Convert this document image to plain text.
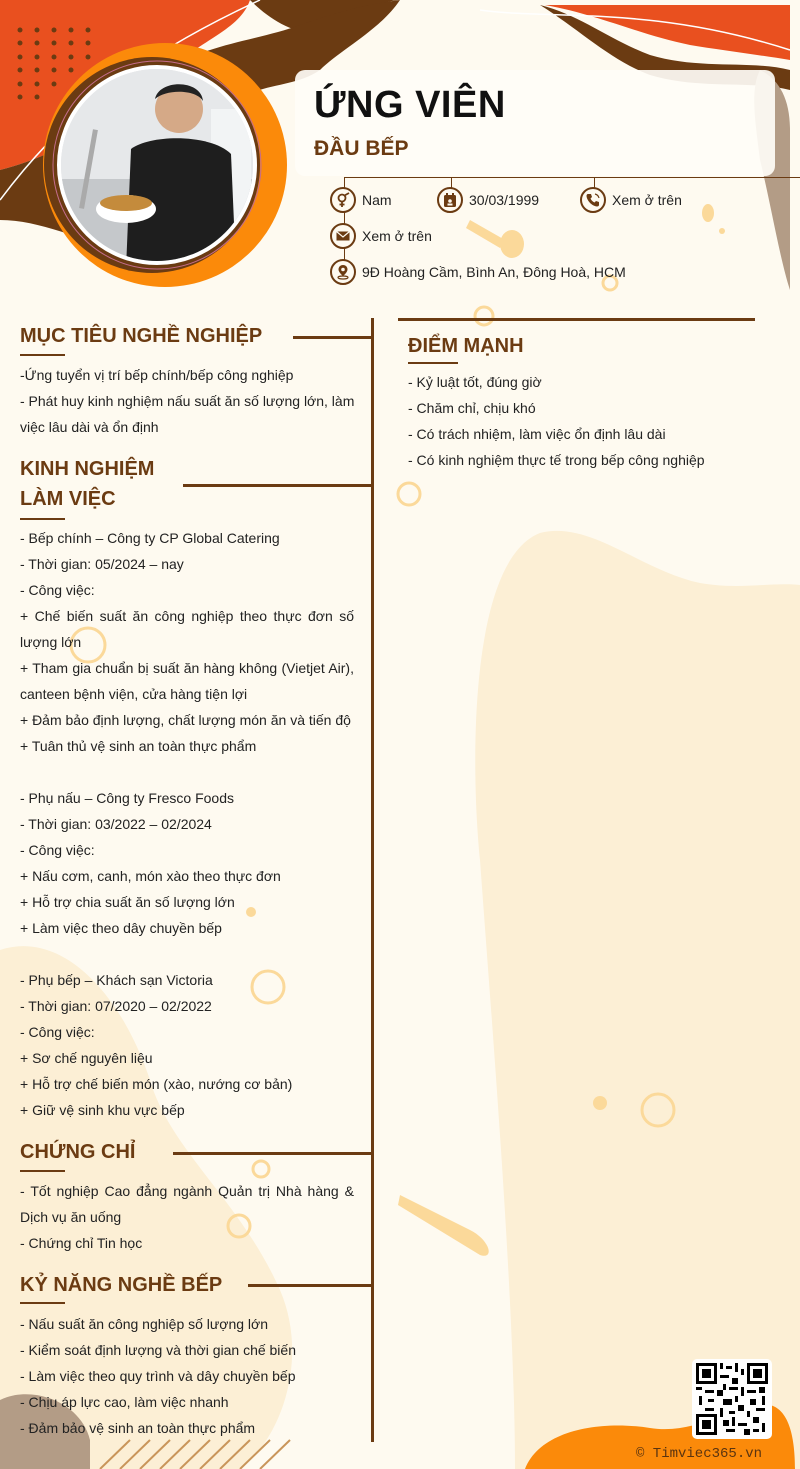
ỨNG VIÊN
ĐẦU BẾP
Nam	30/03/1999	Xem ở trên
Xem ở trên
9Đ Hoàng Cầm, Bình An, Đông Hoà, HCM
MỤC TIÊU NGHỀ NGHIỆP
-Ứng tuyển vị trí bếp chính/bếp công nghiệp
- Phát huy kinh nghiệm nấu suất ăn số lượng lớn, làm
việc lâu dài và ổn định
KINH NGHIỆM
LÀM VIỆC
- Bếp chính – Công ty CP Global Catering
- Thời gian: 05/2024 – nay
- Công việc:
+ Chế biến suất ăn công nghiệp theo thực đơn số lượng lớn
+ Tham gia chuẩn bị suất ăn hàng không (Vietjet Air), canteen bệnh viện, cửa hàng tiện lợi
+ Đảm bảo định lượng, chất lượng món ăn và tiến độ
+ Tuân thủ vệ sinh an toàn thực phẩm
- Phụ nấu – Công ty Fresco Foods
- Thời gian: 03/2022 – 02/2024
- Công việc:
+ Nấu cơm, canh, món xào theo thực đơn
+ Hỗ trợ chia suất ăn số lượng lớn
+ Làm việc theo dây chuyền bếp
- Phụ bếp – Khách sạn Victoria
- Thời gian: 07/2020 – 02/2022
- Công việc:
+ Sơ chế nguyên liệu
+ Hỗ trợ chế biến món (xào, nướng cơ bản)
+ Giữ vệ sinh khu vực bếp
CHỨNG CHỈ
- Tốt nghiệp Cao đẳng ngành Quản trị Nhà hàng & Dịch vụ ăn uống
- Chứng chỉ Tin học
KỶ NĂNG NGHỀ BẾP
- Nấu suất ăn công nghiệp số lượng lớn
- Kiểm soát định lượng và thời gian chế biến
- Làm việc theo quy trình và dây chuyền bếp
- Chịu áp lực cao, làm việc nhanh
- Đảm bảo vệ sinh an toàn thực phẩm
ĐIỂM MẠNH
- Kỷ luật tốt, đúng giờ
- Chăm chỉ, chịu khó
- Có trách nhiệm, làm việc ổn định lâu dài
- Có kinh nghiệm thực tế trong bếp công nghiệp
© Timviec365.vn
